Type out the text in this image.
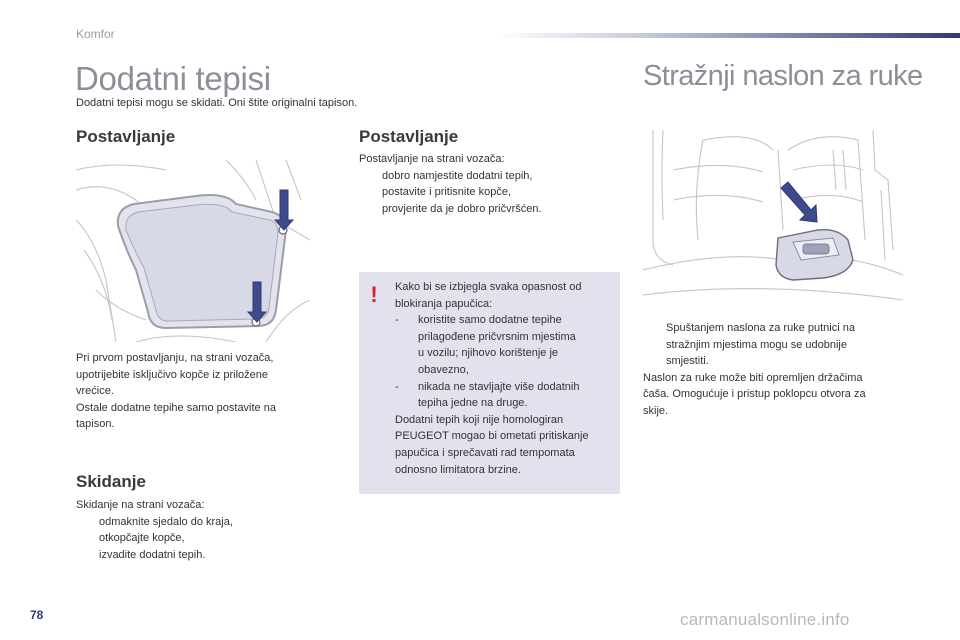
Komfor
Dodatni tepisi
Dodatni tepisi mogu se skidati. Oni štite originalni tapison.
Stražnji naslon za ruke
Postavljanje
Pri prvom postavljanju, na strani vozača,
upotrijebite isključivo kopče iz priložene
vrećice.
Ostale dodatne tepihe samo postavite na
tapison.
Skidanje
Skidanje na strani vozača:
odmaknite sjedalo do kraja,
otkopčajte kopče,
izvadite dodatni tepih.
Postavljanje
Postavljanje na strani vozača:
dobro namjestite dodatni tepih,
postavite i pritisnite kopče,
provjerite da je dobro pričvršćen.
!	Kako bi se izbjegla svaka opasnost od
blokiranja papučica:
- koristite samo dodatne tepihe
prilagođene pričvrsnim mjestima
u vozilu; njihovo korištenje je
obavezno,
- nikada ne stavljajte više dodatnih
tepiha jedne na druge.
Dodatni tepih koji nije homologiran
PEUGEOT mogao bi ometati pritiskanje
papučica i sprečavati rad tempomata
odnosno limitatora brzine.
Spuštanjem naslona za ruke putnici na
stražnjim mjestima mogu se udobnije
smjestiti.
Naslon za ruke može biti opremljen držačima
čaša. Omogućuje i pristup poklopcu otvora za
skije.
78	carmanualsonline.info
